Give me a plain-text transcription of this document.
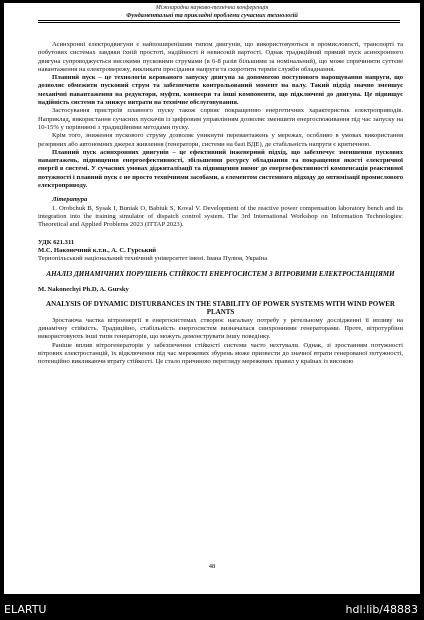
Міжнародна науково-технічна конференція
Фундаментальні та прикладні проблеми сучасних технологій

Асинхронні електродвигуни є найпоширенішим типом двигунів, що використовуються в промисловості, транспорті та побутових системах завдяки їхній простоті, надійності й невисокій вартості. Однак традиційний прямий пуск асинхронного двигуна супроводжується високими пусковими струмами (в 6-8 разів більшими за номінальний), що може спричинити суттєве навантаження на електромережу, викликати просідання напруги та скоротити термін служби обладнання.

Плавний пуск – це технологія керованого запуску двигуна за допомогою поступового нарощування напруги, що дозволяє обмежити пусковий струм та забезпечити контрольований момент на валу. Такий підхід значно зменшує механічні навантаження на редуктори, муфти, конвеєри та інші компоненти, що підключені до двигуна. Це підвищує надійність системи та знижує витрати на технічне обслуговування.

Застосування пристроїв плавного пуску також сприяє покращенню енергетичних характеристик електроприводів. Наприклад, використання сучасних пускачів із цифровим управлінням дозволяє зменшити енергоспоживання під час запуску на 10-15% у порівнянні з традиційними методами пуску.

Крім того, зниження пускового струму дозволяє уникнути перевантажень у мережах, особливо в умовах використання резервних або автономних джерел живлення (генератори, системи на базі ВДЕ), де стабільність напруги є критичною.

Плавний пуск асинхронних двигунів – це ефективний інженерний підхід, що забезпечує зменшення пускових навантажень, підвищення енергоефективності, збільшення ресурсу обладнання та покращення якості електричної енергії в системі. У сучасних умовах діджиталізації та підвищення вимог до енергоефективності компенсація реактивної потужності і плавний пуск є не просто технічними засобами, а елементом системного підходу до оптимізації промислового електроприводу.

Література

1. Orobchuk B, Sysak I, Buniak O, Babiuk S, Koval V. Development of the reactive power compensation laboratory bench and its integration into the training simulator of dispatch control system. The 3rd International Workshop on Information Technologies: Theoretical and Applied Problems 2023 (ITTAP 2023).

УДК 621.311

М.С. Наконечний к.т.н., А. С. Гурський

Тернопільський національний технічний університет імені. Івана Пулюя, Україна

АНАЛІЗ ДИНАМІЧНИХ ПОРУШЕНЬ СТІЙКОСТІ ЕНЕРГОСИСТЕМ З ВІТРОВИМИ ЕЛЕКТРОСТАНЦІЯМИ

M. Nakonechyi Ph.D, A. Gursky

ANALYSIS OF DYNAMIC DISTURBANCES IN THE STABILITY OF POWER SYSTEMS WITH WIND POWER PLANTS

Зростаюча частка вітроенергії в енергосистемах створює нагальну потребу у ретельному дослідженні її впливу на динамічну стійкість. Традиційно, стабільність енергосистем визначалася синхронними генераторами. Проте, вітротурбіни використовують інші типи генераторів, що можуть демонструвати іншу поведінку.

Раніше вплив вітрогенераторів у забезпечення стійкості системи часто нехтували. Однак, зі зростанням потужності вітрових електростанцій, їх відключення під час мережевих збурень може призвести до значної втрати генерованої потужності, потенційно викликаючи втрату стійкості. Це стало причиною перегляду мережевих правил у країнах із високою

48
ELARTU	hdl:lib/48883
